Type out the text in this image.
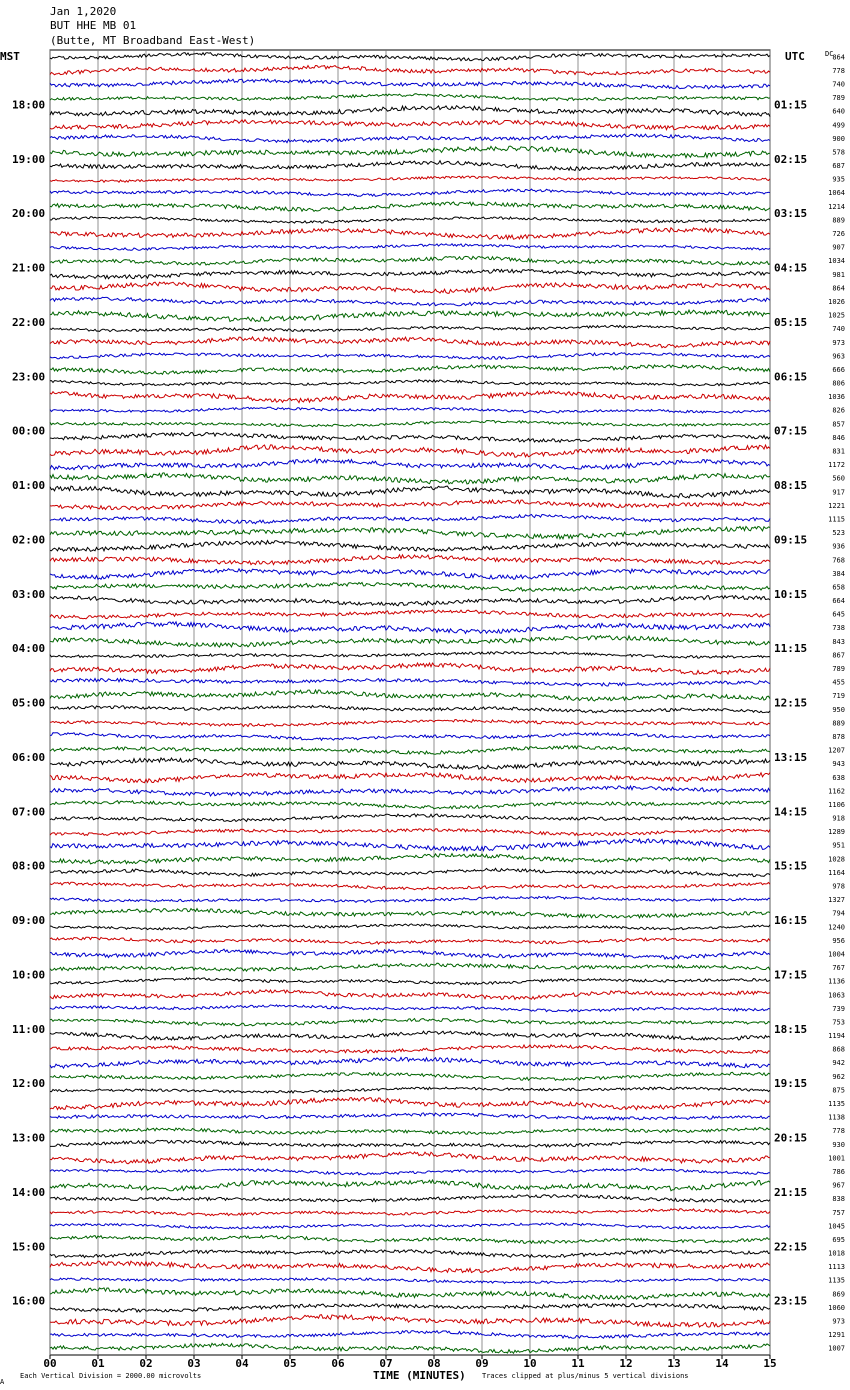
Jan 1,2020
BUT HHE MB 01
(Butte, MT Broadband East-West)
MST	UTC	DC
18:00
19:00
20:00
21:00
22:00
23:00
00:00
01:00
02:00
03:00
04:00
05:00
06:00
07:00
08:00
09:00
10:00
11:00
12:00
13:00
14:00
15:00
16:00
01:15
02:15
03:15
04:15
05:15
06:15
07:15
08:15
09:15
10:15
11:15
12:15
13:15
14:15
15:15
16:15
17:15
18:15
19:15
20:15
21:15
22:15
23:15
864
778
740
789
640
499
900
578
687
935
1064
1214
889
726
907
1034
981
864
1026
1025
740
973
963
666
806
1036
826
857
846
831
1172
560
917
1221
1115
523
936
768
384
658
664
645
738
843
867
789
455
719
950
889
878
1207
943
638
1162
1106
918
1289
951
1028
1164
978
1327
794
1240
956
1004
767
1136
1063
739
753
1194
868
942
962
875
1135
1138
778
930
1001
786
967
838
757
1045
695
1018
1113
1135
869
1060
973
1291
1007
00	01	02	03	04	05	06	07	08	09	10	11	12	13	14	15
TIME (MINUTES)
A
Each Vertical Division = 2000.00 microvolts	Traces clipped at plus/minus 5 vertical divisions
